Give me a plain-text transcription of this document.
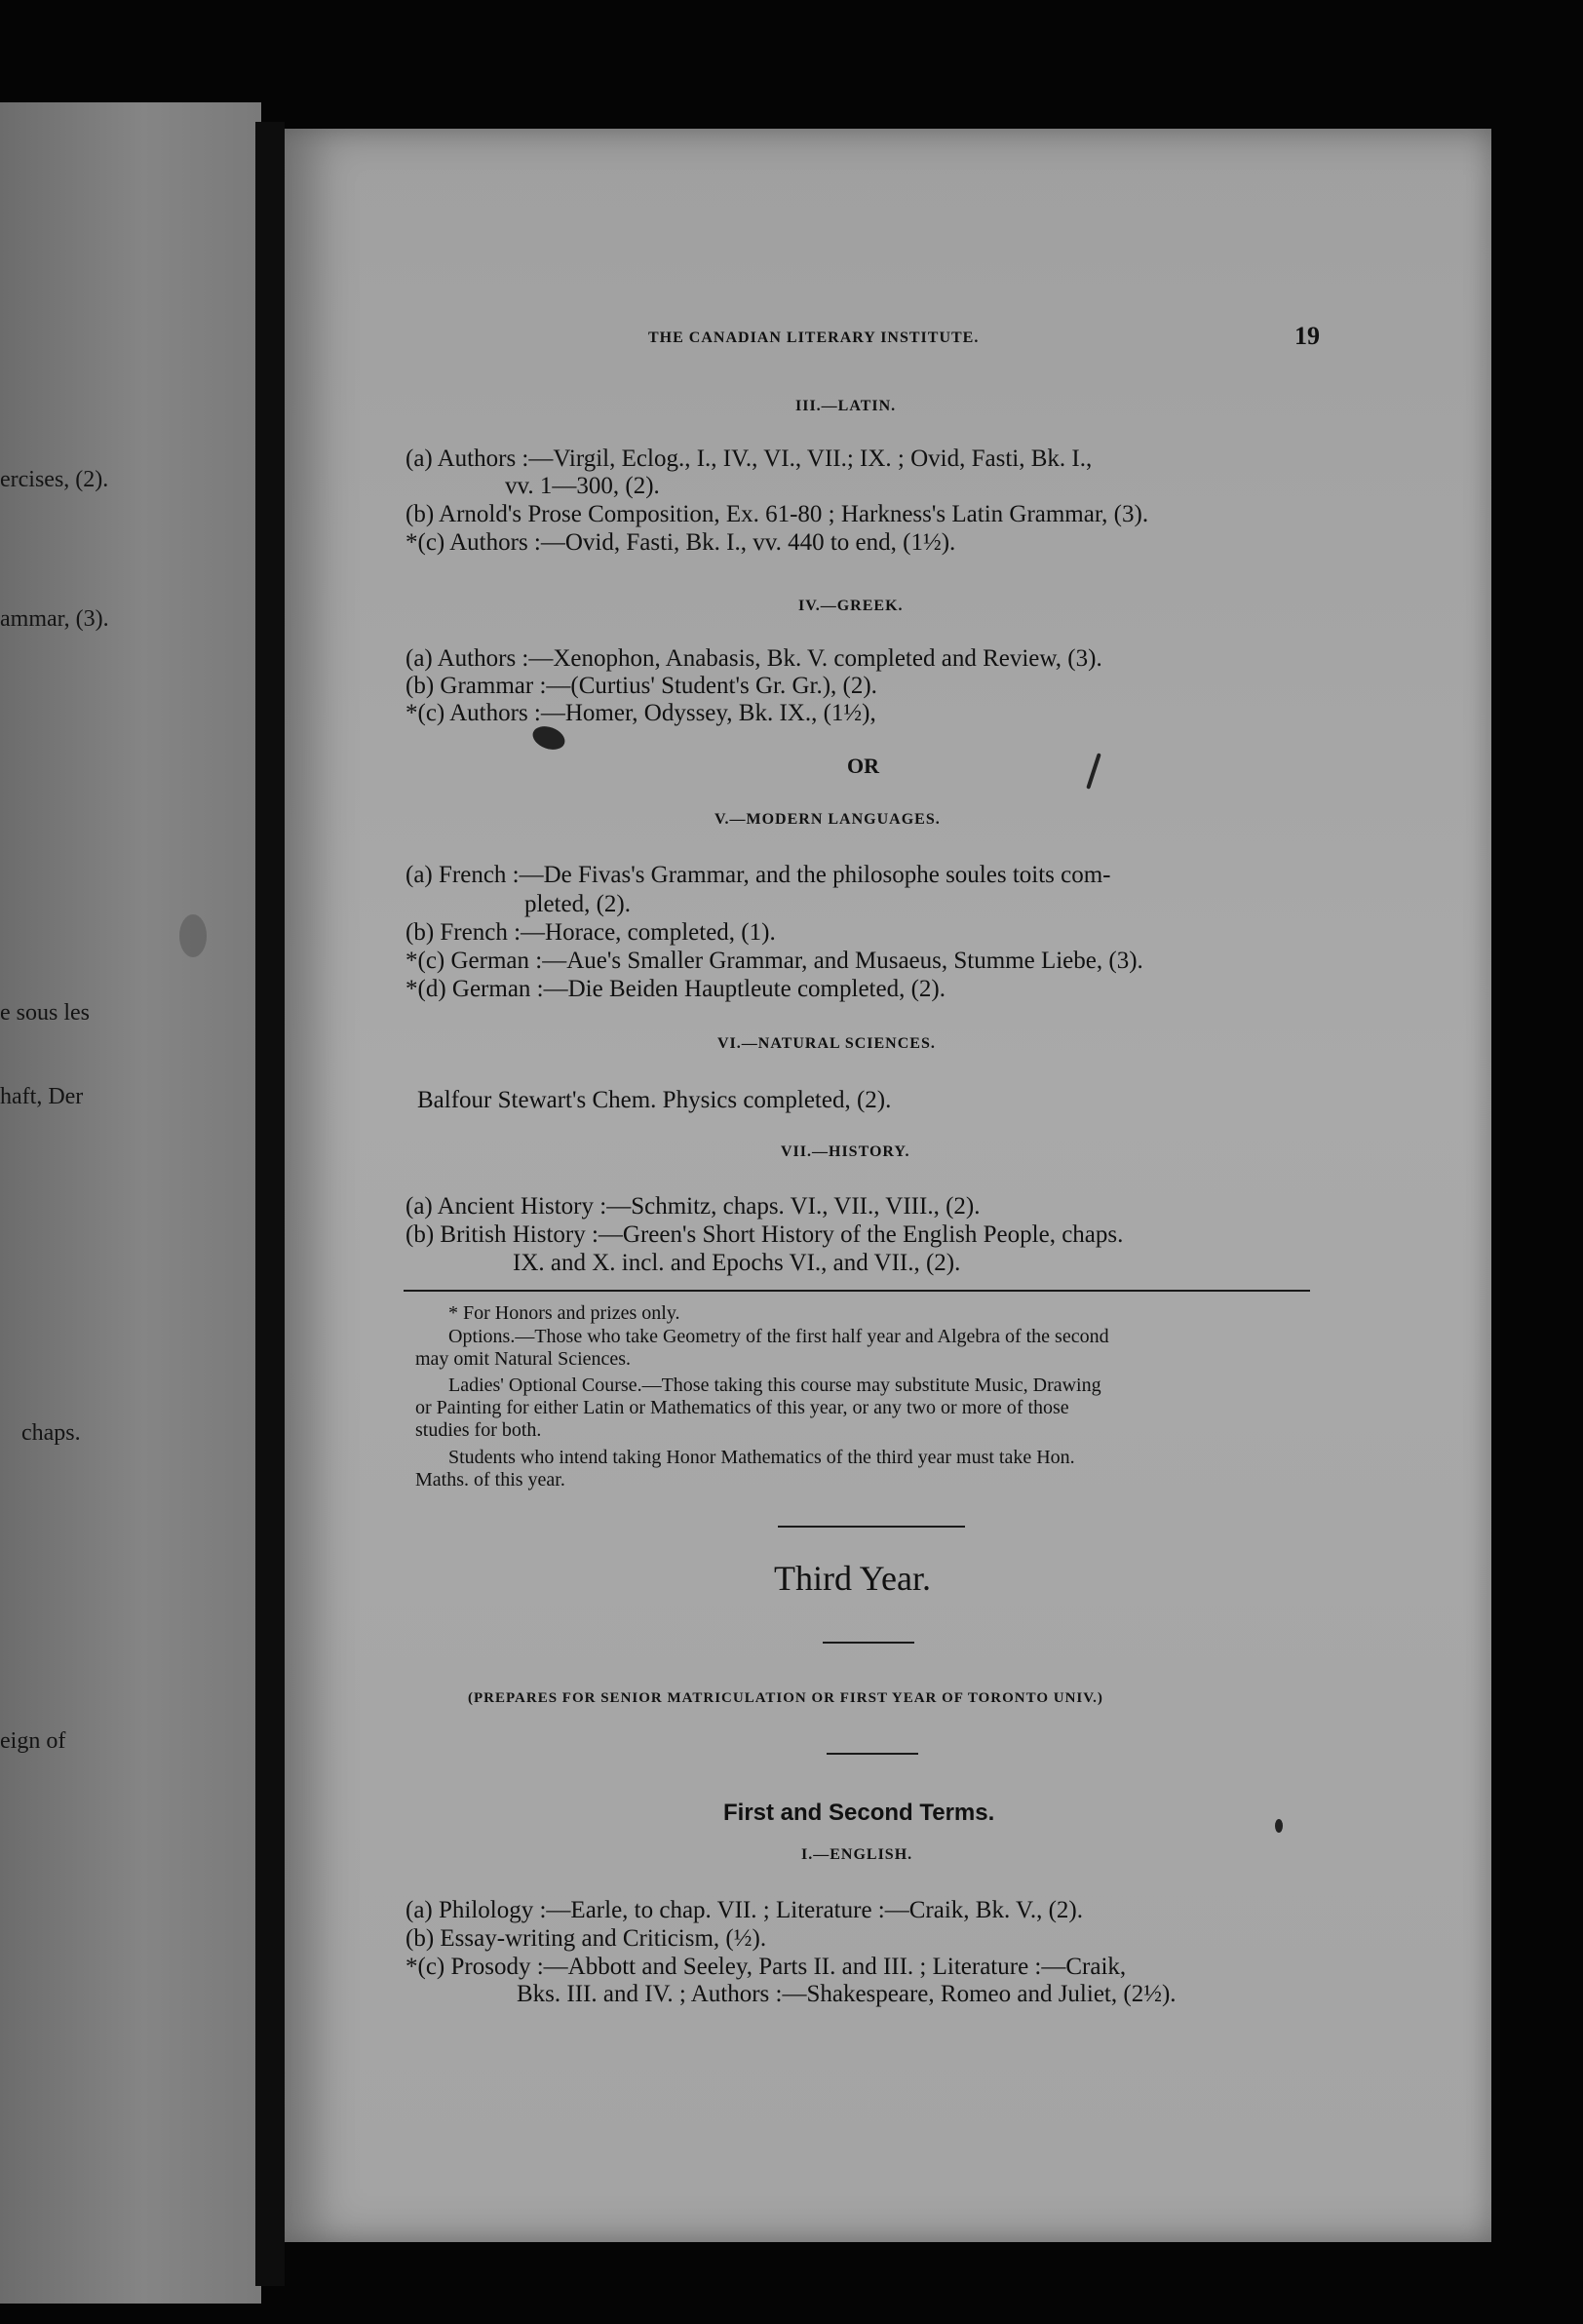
ercises, (2).
ammar, (3).
e sous les
haft, Der
chaps.
eign of
THE CANADIAN LITERARY INSTITUTE.	19
III.—LATIN.
(a) Authors :—Virgil, Eclog., I., IV., VI., VII.; IX. ; Ovid, Fasti, Bk. I.,
vv. 1—300, (2).
(b) Arnold's Prose Composition, Ex. 61-80 ; Harkness's Latin Grammar, (3).
*(c) Authors :—Ovid, Fasti, Bk. I., vv. 440 to end, (1½).
IV.—GREEK.
(a) Authors :—Xenophon, Anabasis, Bk. V. completed and Review, (3).
(b) Grammar :—(Curtius' Student's Gr. Gr.), (2).
*(c) Authors :—Homer, Odyssey, Bk. IX., (1½),
OR
V.—MODERN LANGUAGES.
(a) French :—De Fivas's Grammar, and the philosophe soules toits com-
pleted, (2).
(b) French :—Horace, completed, (1).
*(c) German :—Aue's Smaller Grammar, and Musaeus, Stumme Liebe, (3).
*(d) German :—Die Beiden Hauptleute completed, (2).
VI.—NATURAL SCIENCES.
Balfour Stewart's Chem. Physics completed, (2).
VII.—HISTORY.
(a) Ancient History :—Schmitz, chaps. VI., VII., VIII., (2).
(b) British History :—Green's Short History of the English People, chaps.
IX. and X. incl. and Epochs VI., and VII., (2).
* For Honors and prizes only.
Options.—Those who take Geometry of the first half year and Algebra of the second
may omit Natural Sciences.
Ladies' Optional Course.—Those taking this course may substitute Music, Drawing
or Painting for either Latin or Mathematics of this year, or any two or more of those
studies for both.
Students who intend taking Honor Mathematics of the third year must take Hon.
Maths. of this year.
Third Year.
(PREPARES FOR SENIOR MATRICULATION OR FIRST YEAR OF TORONTO UNIV.)
First and Second Terms.
I.—ENGLISH.
(a) Philology :—Earle, to chap. VII. ; Literature :—Craik, Bk. V., (2).
(b) Essay-writing and Criticism, (½).
*(c) Prosody :—Abbott and Seeley, Parts II. and III. ; Literature :—Craik,
Bks. III. and IV. ; Authors :—Shakespeare, Romeo and Juliet, (2½).
